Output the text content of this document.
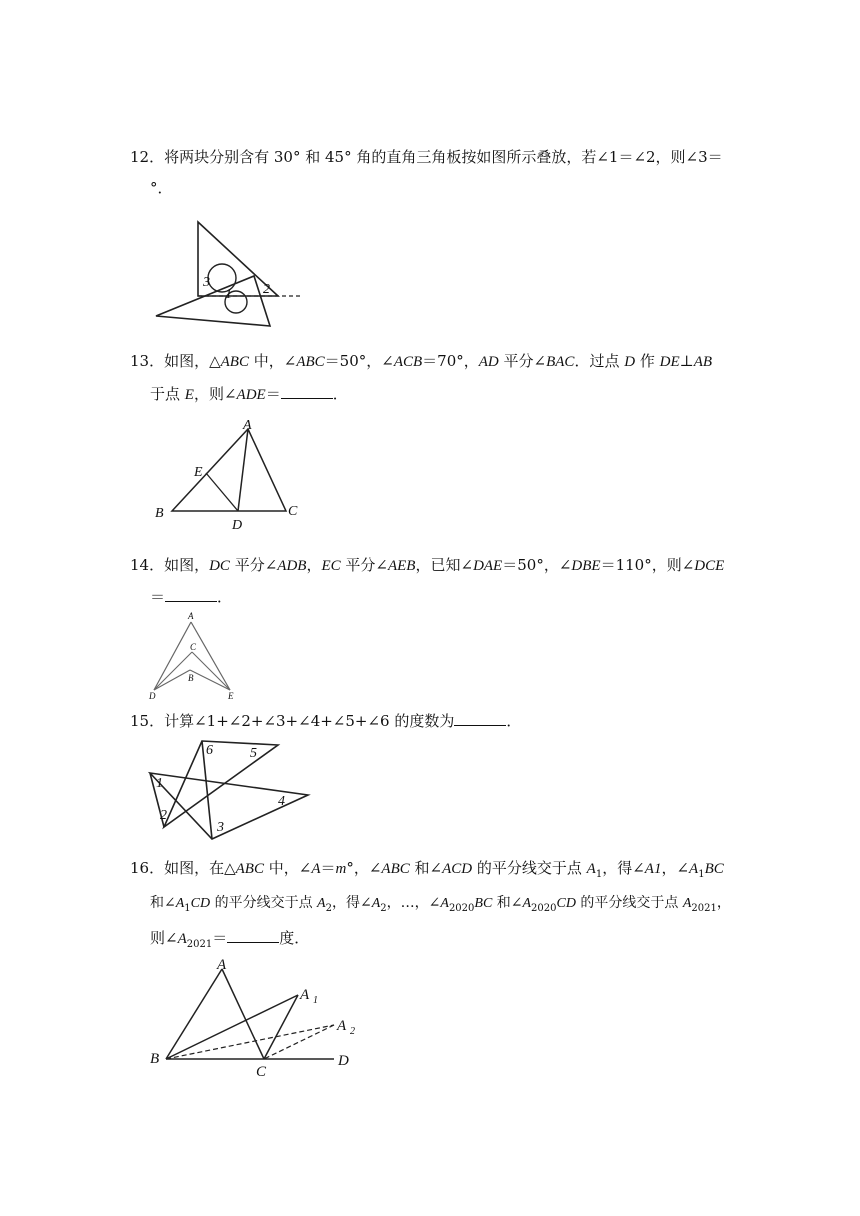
12．将两块分别含有 30° 和 45° 角的直角三角板按如图所示叠放，若∠1＝∠2，则∠3＝
°．
3
1 2
13．如图，△ABC 中，∠ABC＝50°，∠ACB＝70°，AD 平分∠BAC．过点 D 作 DE⊥AB
于点 E，则∠ADE＝	．
A
E
B
D
C
14．如图，DC 平分∠ADB，EC 平分∠AEB，已知∠DAE＝50°，∠DBE＝110°，则∠DCE
＝	．
A
C
B
D	E
15．计算∠1+∠2+∠3+∠4+∠5+∠6 的度数为	．
6	5
1
2
3
4
16．如图，在△ABC 中，∠A＝m°，∠ABC 和∠ACD 的平分线交于点 $A_1$，得∠A1，$\angle A_1BC$
和$\angle A_1CD$ 的平分线交于点 $A_2$，得$\angle A_2$，…，$\angle A_{2020}BC$ 和$\angle A_{2020}CD$ 的平分线交于点 $A_{2021}$，
则$\angle A_{2021}=$	度．
A
A 1
A 2
B
C
D
